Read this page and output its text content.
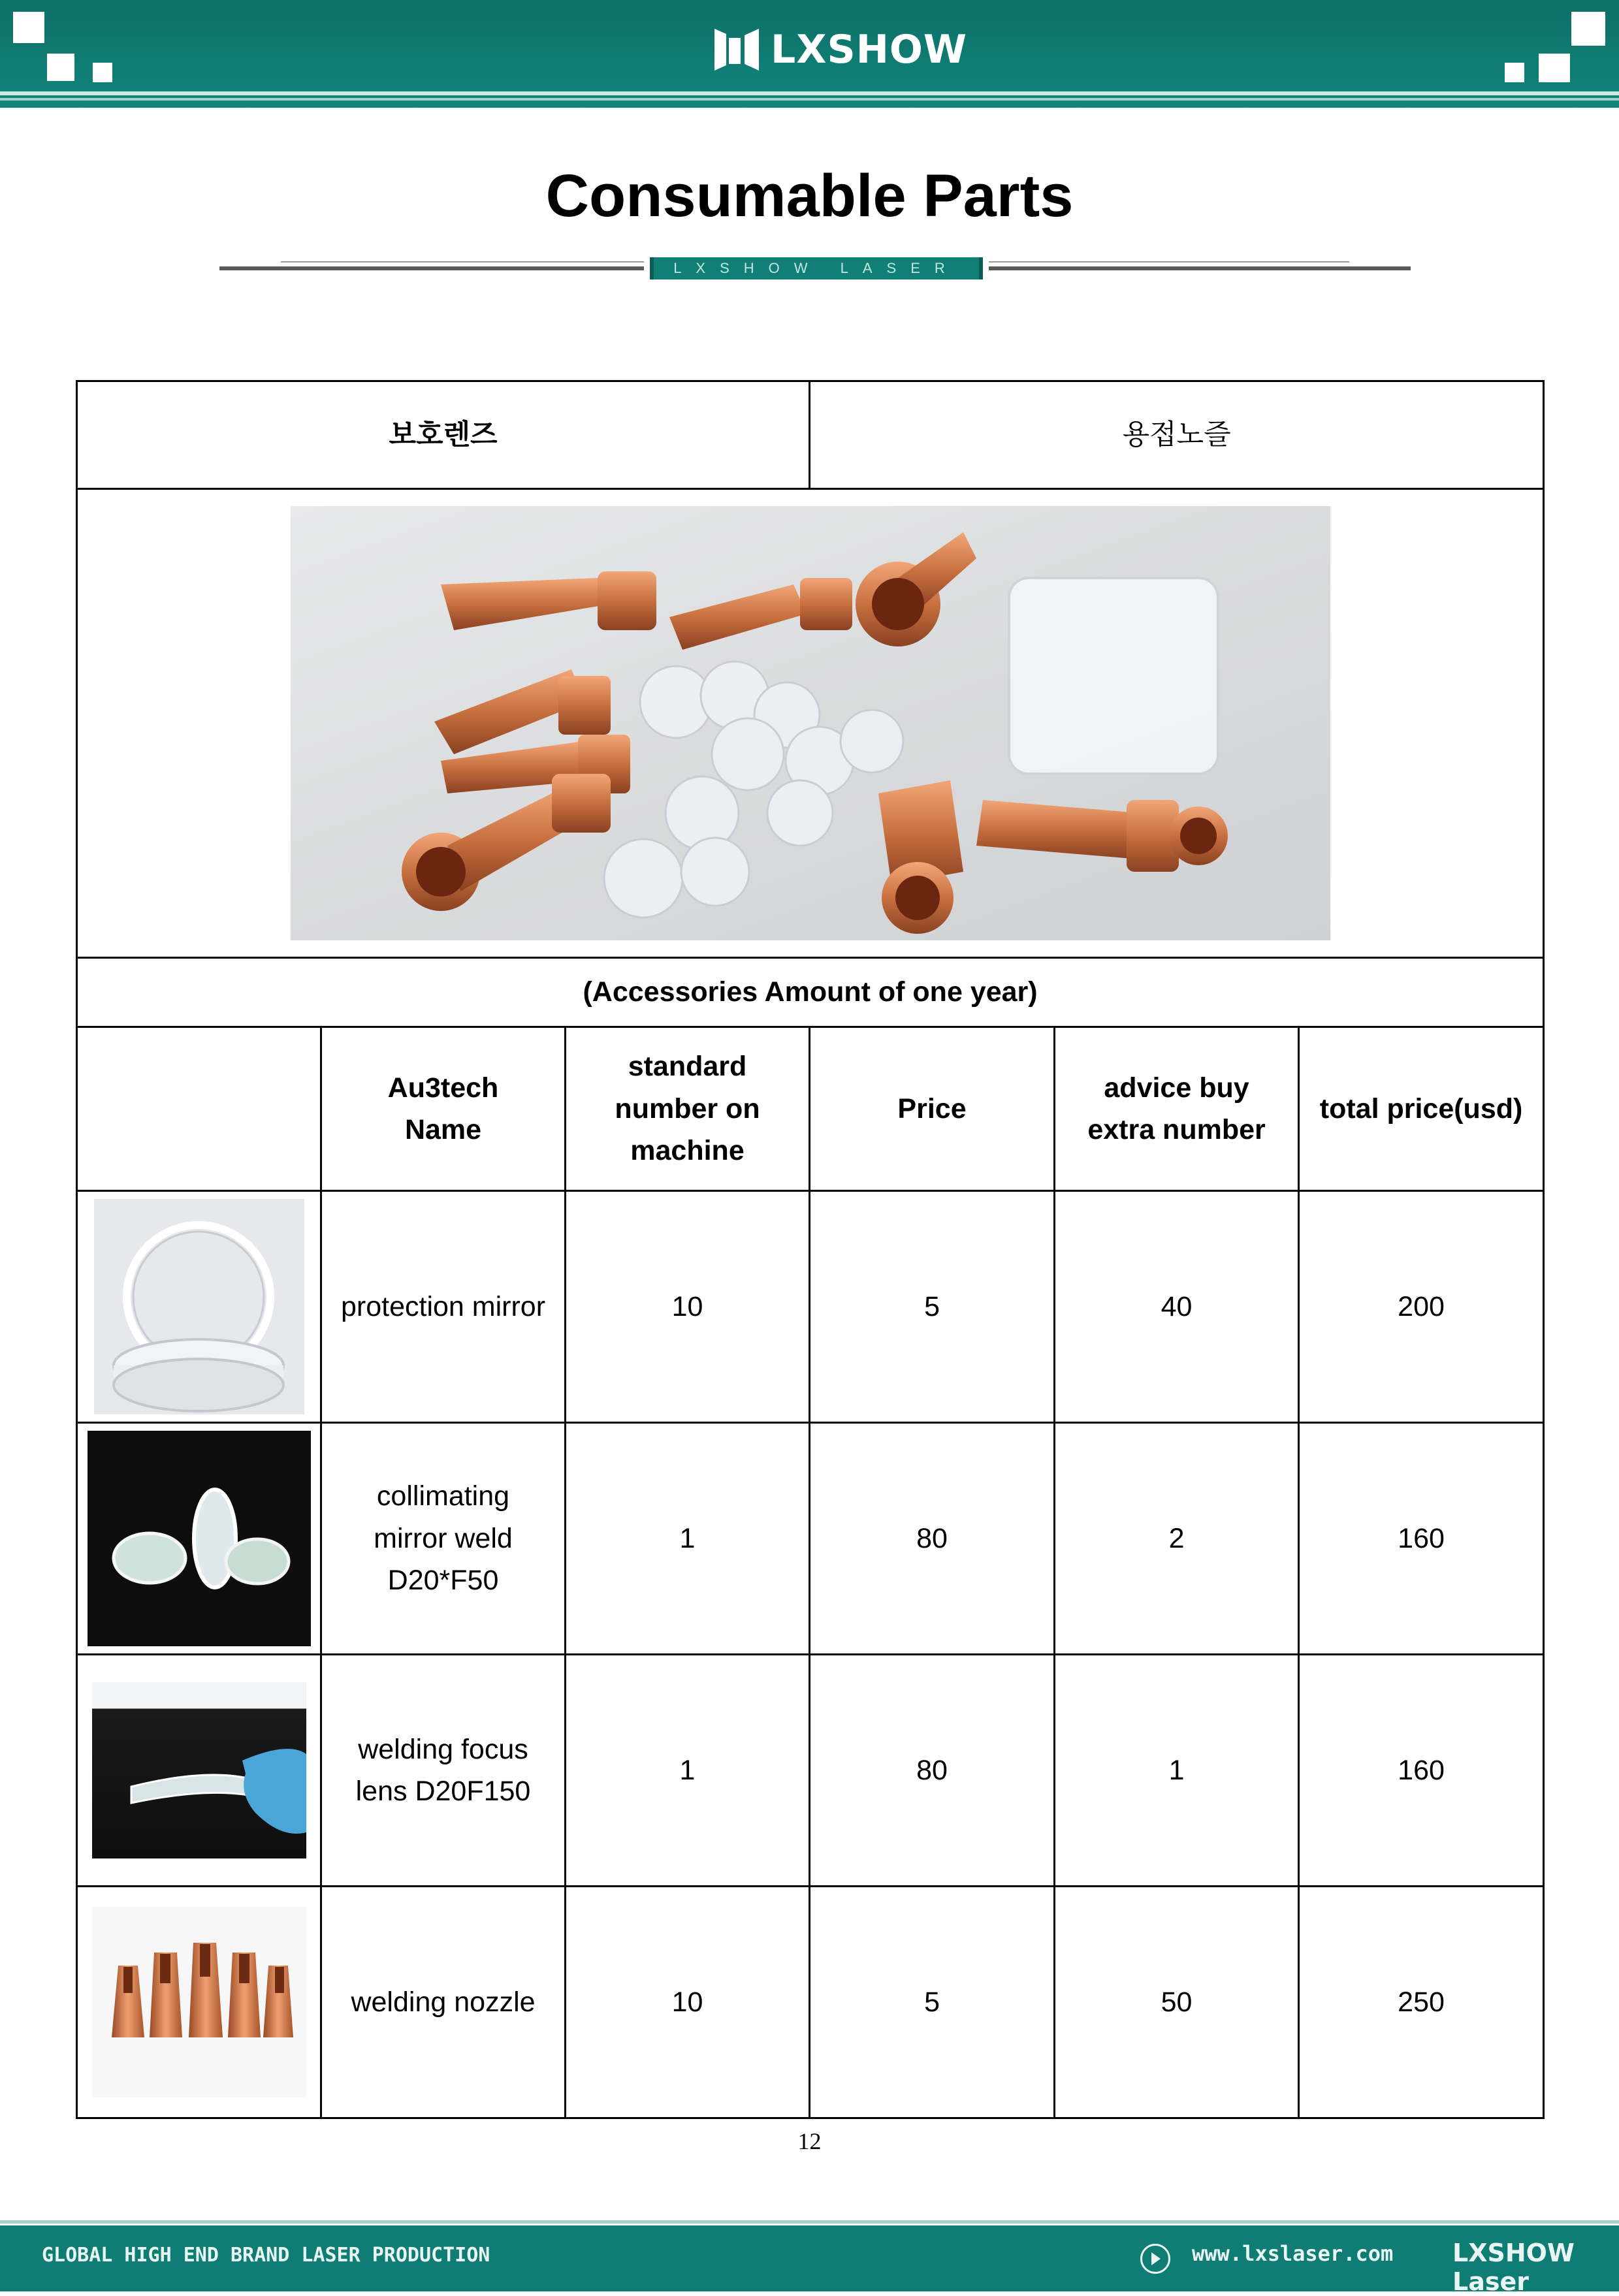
LXSHOW
Consumable Parts
LXSHOW LASER
보호렌즈			용접노즐		

(Accessories Amount of one year)					
	Au3tech Name	standard number on machine	Price	advice buy extra number	total price(usd)

	protection mirror	10	5	40	200

	collimating mirror weld D20*F50	1	80	2	160

	welding focus lens D20F150	1	80	1	160

	welding nozzle	10	5	50	250
12
GLOBAL HIGH END BRAND LASER PRODUCTION	www.lxslaser.com LXSHOW Laser
